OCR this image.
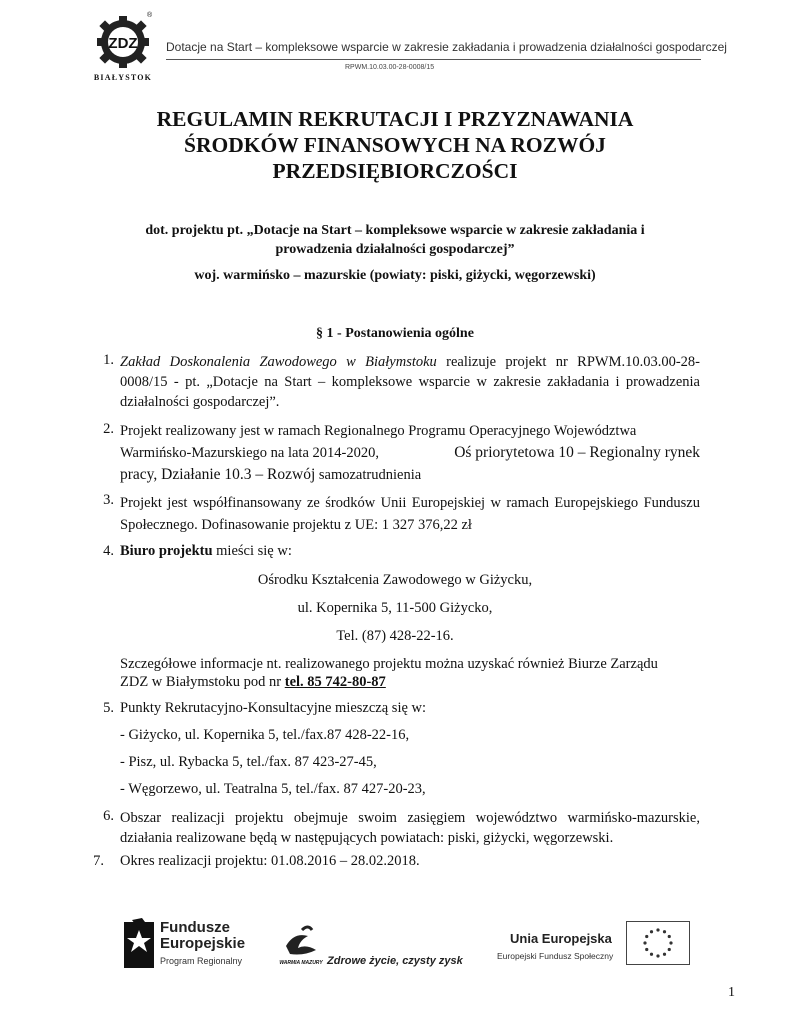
ZDZ
BIAŁYSTOK
®
Dotacje na Start – kompleksowe wsparcie w zakresie zakładania i prowadzenia działalności gospodarczej
RPWM.10.03.00-28-0008/15
REGULAMIN REKRUTACJI I PRZYZNAWANIA
ŚRODKÓW FINANSOWYCH NA ROZWÓJ
PRZEDSIĘBIORCZOŚCI
dot. projektu pt. „Dotacje na Start – kompleksowe wsparcie w zakresie zakładania i
prowadzenia działalności gospodarczej”
woj. warmińsko – mazurskie (powiaty: piski, giżycki, węgorzewski)
§ 1 - Postanowienia ogólne
1. Zakład Doskonalenia Zawodowego w Białymstoku realizuje projekt nr RPWM.10.03.00-28-0008/15 - pt. „Dotacje na Start – kompleksowe wsparcie w zakresie zakładania i prowadzenia działalności gospodarczej”.
2. Projekt realizowany jest w ramach Regionalnego Programu Operacyjnego Województwa
Warmińsko-Mazurskiego na lata 2014-2020,	Oś priorytetowa 10 – Regionalny rynek
pracy, Działanie 10.3 – Rozwój samozatrudnienia
3. Projekt jest współfinansowany ze środków Unii Europejskiej w ramach Europejskiego Funduszu Społecznego. Dofinasowanie projektu z UE: 1 327 376,22 zł
4. Biuro projektu mieści się w:
Ośrodku Kształcenia Zawodowego w Giżycku,
ul. Kopernika 5, 11-500 Giżycko,
Tel. (87) 428-22-16.
Szczegółowe informacje nt. realizowanego projektu można uzyskać również Biurze Zarządu
ZDZ w Białymstoku pod nr tel. 85 742-80-87
5. Punkty Rekrutacyjno-Konsultacyjne mieszczą się w:
- Giżycko, ul. Kopernika 5, tel./fax.87 428-22-16,
- Pisz, ul. Rybacka 5, tel./fax. 87 423-27-45,
- Węgorzewo, ul. Teatralna 5, tel./fax. 87 427-20-23,
6. Obszar realizacji projektu obejmuje swoim zasięgiem województwo warmińsko-mazurskie, działania realizowane będą w następujących powiatach: piski, giżycki, węgorzewski.
7. Okres realizacji projektu: 01.08.2016 – 28.02.2018.
Fundusze
Europejskie
Program Regionalny	WARMIA MAZURY Zdrowe życie, czysty zysk
Unia Europejska
Europejski Fundusz Społeczny
1
